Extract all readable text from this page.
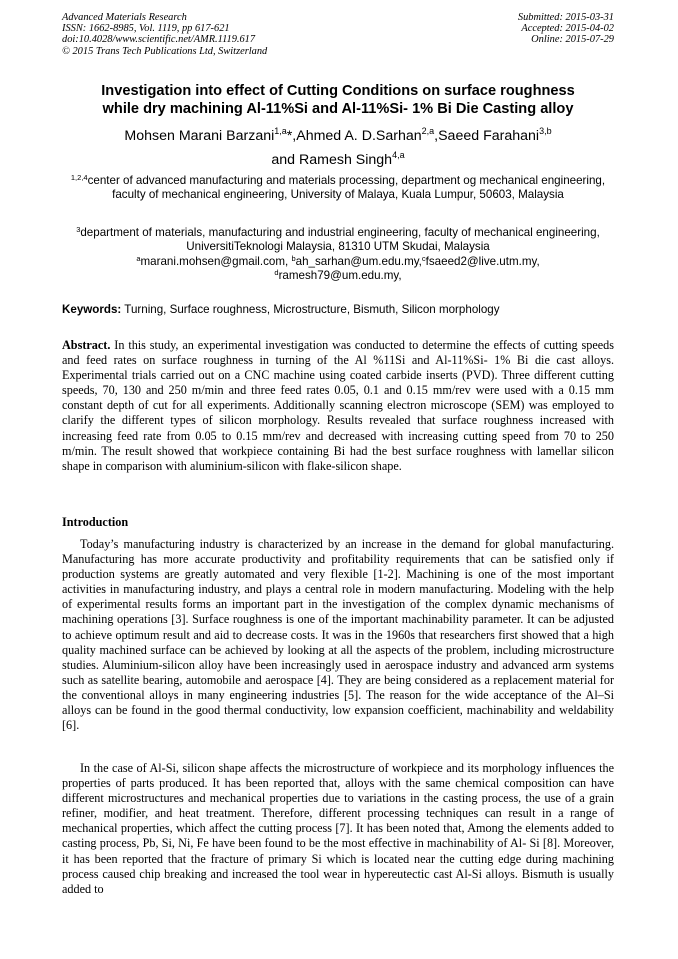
Advanced Materials Research
ISSN: 1662-8985, Vol. 1119, pp 617-621
doi:10.4028/www.scientific.net/AMR.1119.617
© 2015 Trans Tech Publications Ltd, Switzerland
Submitted: 2015-03-31
Accepted: 2015-04-02
Online: 2015-07-29
Investigation into effect of Cutting Conditions on surface roughness
while dry machining Al-11%Si and Al-11%Si- 1% Bi Die Casting alloy
Mohsen Marani Barzani$^{1,a}$*,Ahmed A. D.Sarhan$^{2,a}$,Saeed Farahani$^{3,b}$
and Ramesh Singh$^{4,a}$
$^{1,2,4}$center of advanced manufacturing and materials processing, department og mechanical engineering, faculty of mechanical engineering, University of Malaya, Kuala Lumpur, 50603, Malaysia
$^3$department of materials, manufacturing and industrial engineering, faculty of mechanical engineering, UniversitiTeknologi Malaysia, 81310 UTM Skudai, Malaysia
$^a$marani.mohsen@gmail.com, $^b$ah_sarhan@um.edu.my,$^c$fsaeed2@live.utm.my,
$^d$ramesh79@um.edu.my,
Keywords: Turning, Surface roughness, Microstructure, Bismuth, Silicon morphology
Abstract. In this study, an experimental investigation was conducted to determine the effects of cutting speeds and feed rates on surface roughness in turning of the Al %11Si and Al-11%Si- 1% Bi die cast alloys. Experimental trials carried out on a CNC machine using coated carbide inserts (PVD). Three different cutting speeds, 70, 130 and 250 m/min and three feed rates 0.05, 0.1 and 0.15 mm/rev were used with a 0.15 mm constant depth of cut for all experiments. Additionally scanning electron microscope (SEM) was employed to clarify the different types of silicon morphology. Results revealed that surface roughness increased with increasing feed rate from 0.05 to 0.15 mm/rev and decreased with increasing cutting speed from 70 to 250 m/min. The result showed that workpiece containing Bi had the best surface roughness with lamellar silicon shape in comparison with aluminium-silicon with flake-silicon shape.
Introduction
Today’s manufacturing industry is characterized by an increase in the demand for global manufacturing. Manufacturing has more accurate productivity and profitability requirements that can be satisfied only if production systems are greatly automated and very flexible [1-2]. Machining is one of the most important activities in manufacturing industry, and plays a central role in modern manufacturing. Modeling with the help of experimental results forms an important part in the investigation of the complex dynamic mechanisms of machining operations [3]. Surface roughness is one of the important machinability parameter. It can be adjusted to achieve optimum result and aid to decrease costs. It was in the 1960s that researchers first showed that a high quality machined surface can be achieved by looking at all the aspects of the problem, including microstructure studies. Aluminium-silicon alloy have been increasingly used in aerospace industry and advanced arm systems such as satellite bearing, automobile and aerospace [4]. They are being considered as a replacement material for the conventional alloys in many engineering industries [5]. The reason for the wide acceptance of the Al–Si alloys can be found in the good thermal conductivity, low expansion coefficient, machinability and weldability [6].
In the case of Al-Si, silicon shape affects the microstructure of workpiece and its morphology influences the properties of parts produced. It has been reported that, alloys with the same chemical composition can have different microstructures and mechanical properties due to variations in the casting process, the use of a grain refiner, modifier, and heat treatment. Therefore, different processing techniques can result in a range of mechanical properties, which affect the cutting process [7]. It has been noted that, Among the elements added to casting process, Pb, Si, Ni, Fe have been found to be the most effective in machinability of Al- Si [8]. Moreover, it has been reported that the fracture of primary Si which is located near the cutting edge during machining process caused chip breaking and increased the tool wear in hypereutectic cast Al-Si alloys. Bismuth is usually added to
